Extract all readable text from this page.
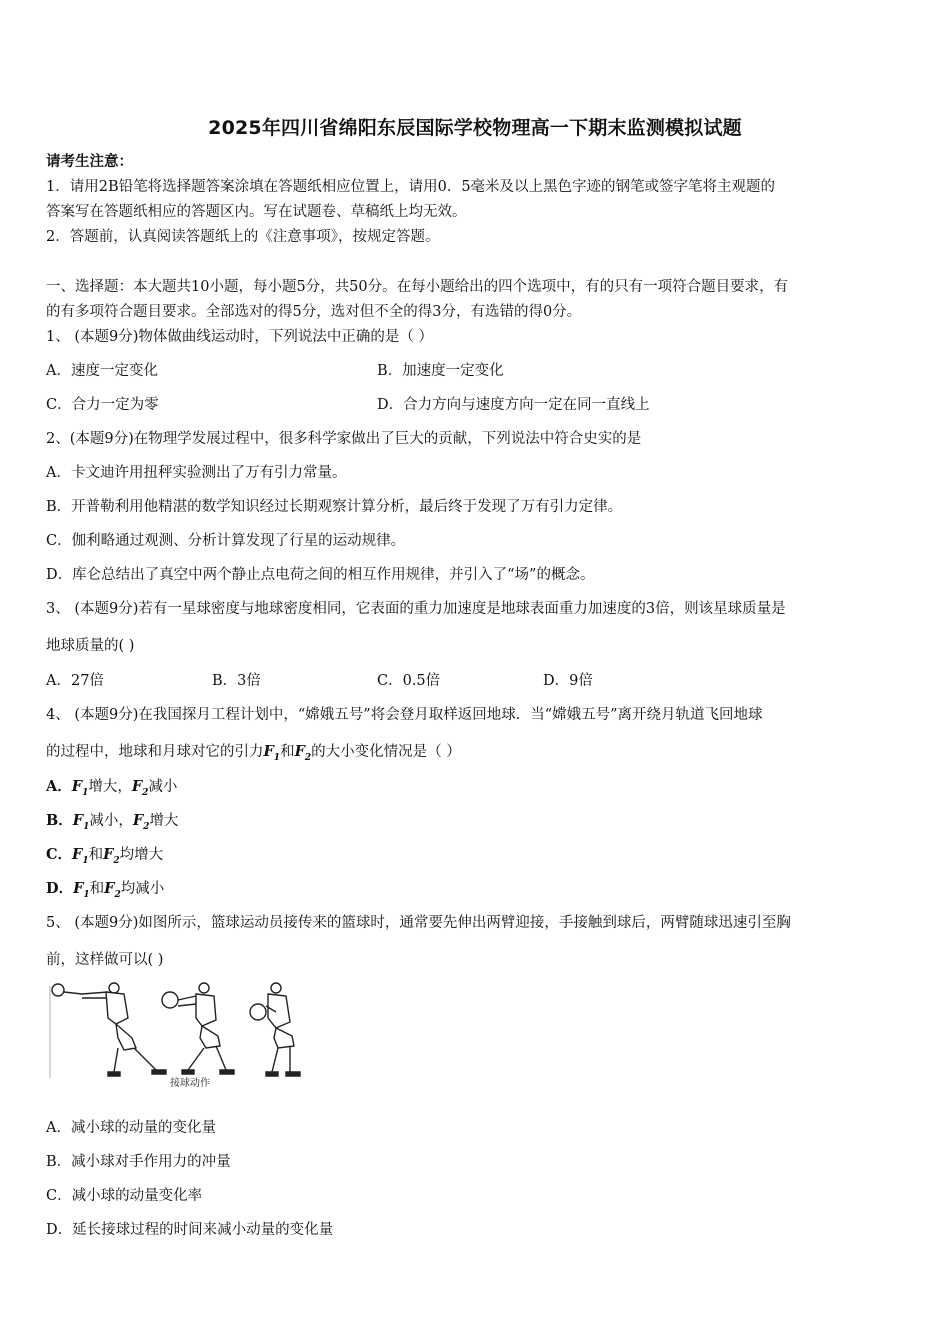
2025年四川省绵阳东辰国际学校物理高一下期末监测模拟试题
请考生注意：
1．请用2B铅笔将选择题答案涂填在答题纸相应位置上，请用0．5毫米及以上黑色字迹的钢笔或签字笔将主观题的
答案写在答题纸相应的答题区内。写在试题卷、草稿纸上均无效。
2．答题前，认真阅读答题纸上的《注意事项》，按规定答题。
一、选择题：本大题共10小题，每小题5分，共50分。在每小题给出的四个选项中，有的只有一项符合题目要求，有
的有多项符合题目要求。全部选对的得5分，选对但不全的得3分，有选错的得0分。
1、 (本题9分)物体做曲线运动时，下列说法中正确的是（ ）
A．速度一定变化	B．加速度一定变化
C．合力一定为零	D．合力方向与速度方向一定在同一直线上
2、(本题9分)在物理学发展过程中，很多科学家做出了巨大的贡献，下列说法中符合史实的是
A．卡文迪许用扭秤实验测出了万有引力常量。
B．开普勒利用他精湛的数学知识经过长期观察计算分析，最后终于发现了万有引力定律。
C．伽利略通过观测、分析计算发现了行星的运动规律。
D．库仑总结出了真空中两个静止点电荷之间的相互作用规律，并引入了“场”的概念。
3、 (本题9分)若有一星球密度与地球密度相同，它表面的重力加速度是地球表面重力加速度的3倍，则该星球质量是
地球质量的( )
A．27倍	B．3倍	C．0.5倍	D．9倍
4、 (本题9分)在我国探月工程计划中，“嫦娥五号”将会登月取样返回地球．当“嫦娥五号”离开绕月轨道飞回地球
的过程中，地球和月球对它的引力$F_1$和$F_2$的大小变化情况是（ ）
A．$F_1$增大，$F_2$减小
B．$F_1$减小，$F_2$增大
C．$F_1$和$F_2$均增大
D．$F_1$和$F_2$均减小
5、 (本题9分)如图所示，篮球运动员接传来的篮球时，通常要先伸出两臂迎接，手接触到球后，两臂随球迅速引至胸
前，这样做可以( )
接球动作
A．减小球的动量的变化量
B．减小球对手作用力的冲量
C．减小球的动量变化率
D．延长接球过程的时间来减小动量的变化量
